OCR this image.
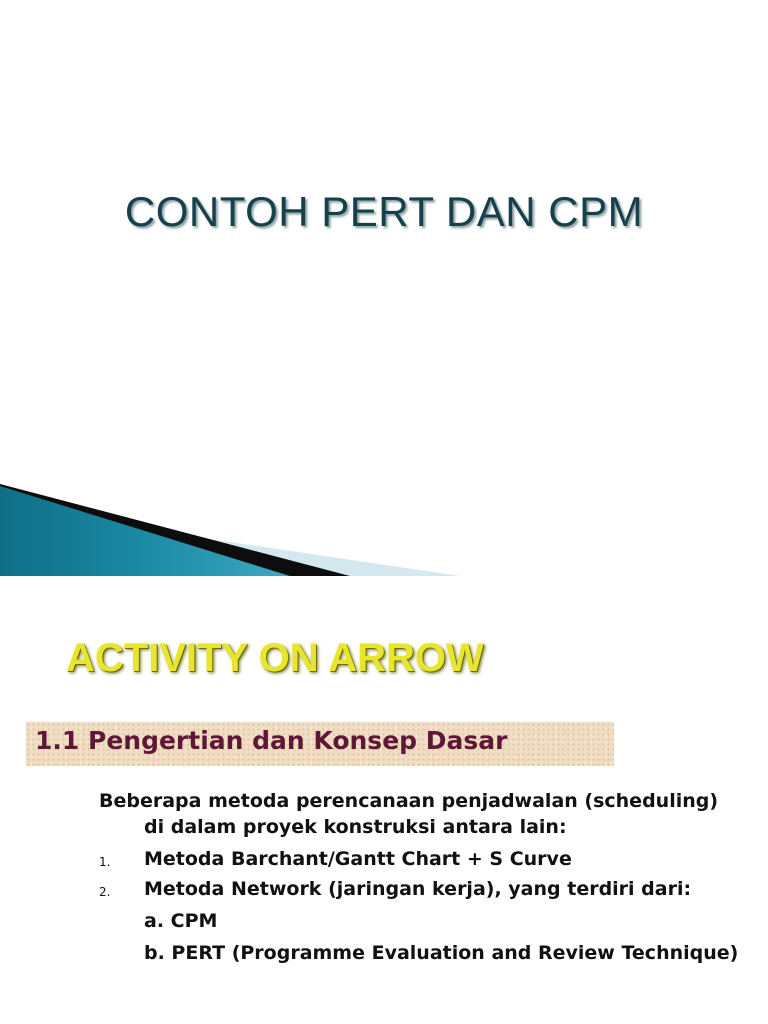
CONTOH PERT DAN CPM
ACTIVITY ON ARROW
1.1 Pengertian dan Konsep Dasar

Beberapa metoda perencanaan penjadwalan (scheduling) di dalam proyek konstruksi antara lain:

1. Metoda Barchant/Gantt Chart + S Curve
2. Metoda Network (jaringan kerja), yang terdiri dari:
a. CPM
b. PERT (Programme Evaluation and Review Technique)
